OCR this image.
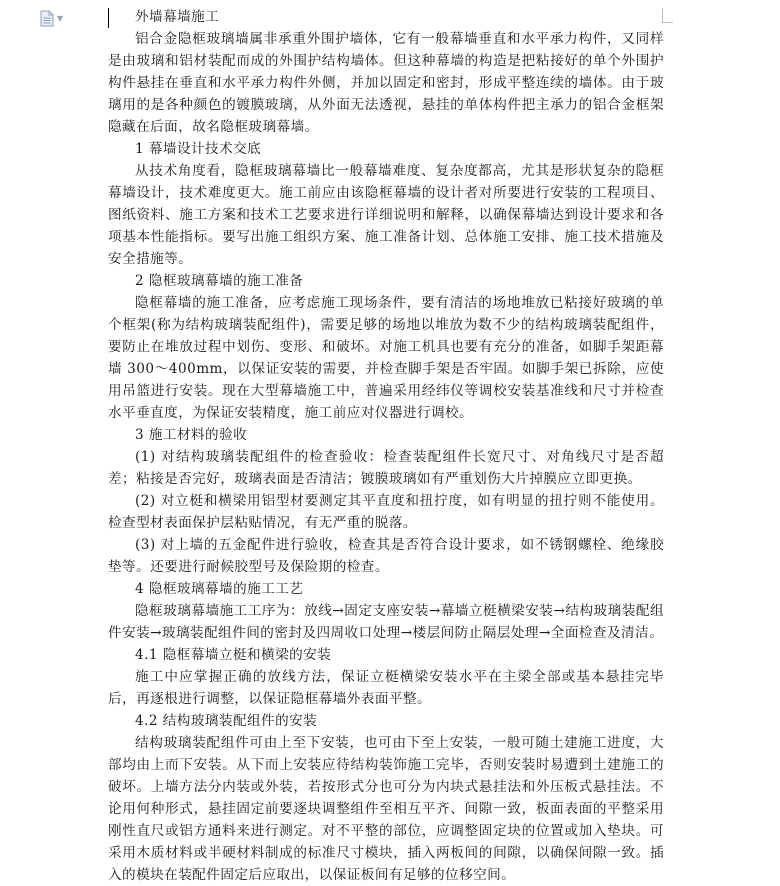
▼	外墙幕墙施工

铝合金隐框玻璃墙属非承重外围护墙体，它有一般幕墙垂直和水平承力构件，又同样是由玻璃和铝材装配而成的外围护结构墙体。但这种幕墙的构造是把粘接好的单个外围护构件悬挂在垂直和水平承力构件外侧，并加以固定和密封，形成平整连续的墙体。由于玻璃用的是各种颜色的镀膜玻璃，从外面无法透视，悬挂的单体构件把主承力的铝合金框架隐藏在后面，故名隐框玻璃幕墙。

1 幕墙设计技术交底

从技术角度看，隐框玻璃幕墙比一般幕墙难度、复杂度都高，尤其是形状复杂的隐框幕墙设计，技术难度更大。施工前应由该隐框幕墙的设计者对所要进行安装的工程项目、图纸资料、施工方案和技术工艺要求进行详细说明和解释，以确保幕墙达到设计要求和各项基本性能指标。要写出施工组织方案、施工准备计划、总体施工安排、施工技术措施及安全措施等。

2 隐框玻璃幕墙的施工准备

隐框幕墙的施工准备，应考虑施工现场条件，要有清洁的场地堆放已粘接好玻璃的单个框架(称为结构玻璃装配组件)，需要足够的场地以堆放为数不少的结构玻璃装配组件，要防止在堆放过程中划伤、变形、和破坏。对施工机具也要有充分的准备，如脚手架距幕墙 300～400mm，以保证安装的需要，并检查脚手架是否牢固。如脚手架已拆除，应使用吊篮进行安装。现在大型幕墙施工中，普遍采用经纬仪等调校安装基准线和尺寸并检查水平垂直度，为保证安装精度，施工前应对仪器进行调校。

3 施工材料的验收

(1) 对结构玻璃装配组件的检查验收：检查装配组件长宽尺寸、对角线尺寸是否超差；粘接是否完好，玻璃表面是否清洁；镀膜玻璃如有严重划伤大片掉膜应立即更换。

(2) 对立梃和横梁用铝型材要测定其平直度和扭拧度，如有明显的扭拧则不能使用。检查型材表面保护层粘贴情况，有无严重的脱落。

(3) 对上墙的五金配件进行验收，检查其是否符合设计要求，如不锈钢螺栓、绝缘胶垫等。还要进行耐候胶型号及保险期的检查。

4 隐框玻璃幕墙的施工工艺

隐框玻璃幕墙施工工序为：放线→固定支座安装→幕墙立梃横梁安装→结构玻璃装配组件安装→玻璃装配组件间的密封及四周收口处理→楼层间防止隔层处理→全面检查及清洁。

4.1 隐框幕墙立梃和横梁的安装

施工中应掌握正确的放线方法，保证立梃横梁安装水平在主梁全部或基本悬挂完毕后，再逐根进行调整，以保证隐框幕墙外表面平整。

4.2 结构玻璃装配组件的安装

结构玻璃装配组件可由上至下安装，也可由下至上安装，一般可随土建施工进度，大部均由上而下安装。从下而上安装应待结构装饰施工完毕，否则安装时易遭到土建施工的破坏。上墙方法分内装或外装，若按形式分也可分为内块式悬挂法和外压板式悬挂法。不论用何种形式，悬挂固定前要逐块调整组件至相互平齐、间隙一致，板面表面的平整采用刚性直尺或铝方通料来进行测定。对不平整的部位，应调整固定块的位置或加入垫块。可采用木质材料或半硬材料制成的标准尺寸模块，插入两板间的间隙，以确保间隙一致。插入的模块在装配件固定后应取出，以保证板间有足够的位移空间。
